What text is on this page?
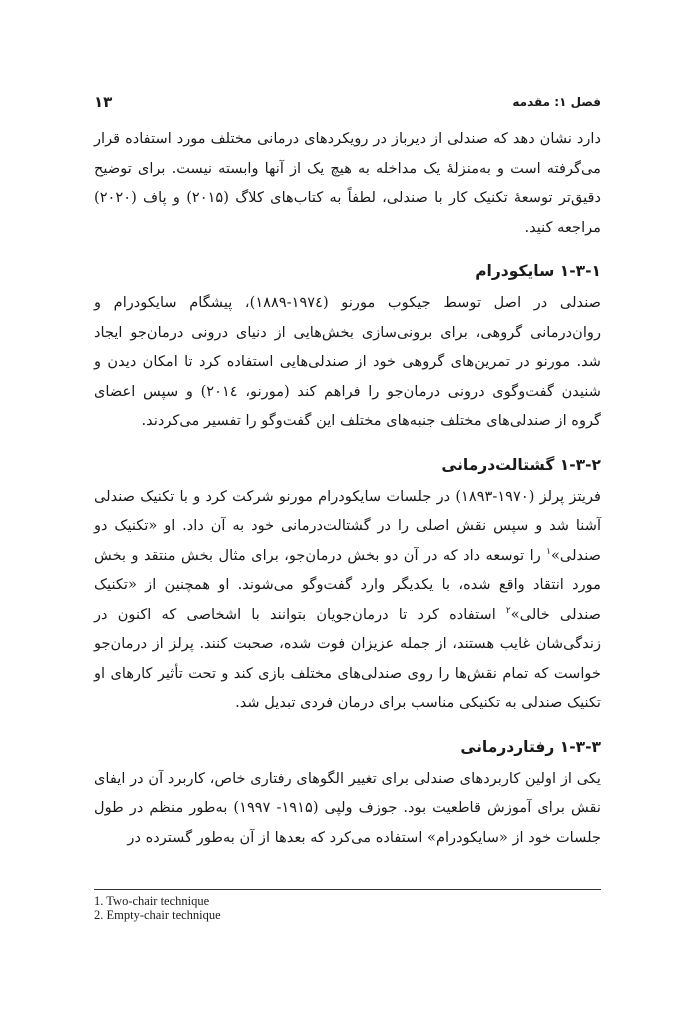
فصل ۱: مقدمه
۱۳

دارد نشان دهد که صندلی از دیرباز در رویکردهای درمانی مختلف مورد استفاده قرار می‌گرفته است و به‌منزلهٔ یک مداخله به هیچ یک از آنها وابسته نیست. برای توضیح دقیق‌تر توسعهٔ تکنیک کار با صندلی، لطفاً به کتاب‌های کلاگ (۲۰۱۵) و پاف (۲۰۲۰) مراجعه کنید.

۱-۳-۱ سایکودرام

صندلی در اصل توسط جیکوب مورنو (۱۹۷٤-۱۸۸۹)، پیشگام سایکودرام و روان‌درمانی گروهی، برای برونی‌سازی بخش‌هایی از دنیای درونی درمان‌جو ایجاد شد. مورنو در تمرین‌های گروهی خود از صندلی‌هایی استفاده کرد تا امکان دیدن و شنیدن گفت‌وگوی درونی درمان‌جو را فراهم کند (مورنو، ۲۰۱٤) و سپس اعضای گروه از صندلی‌های مختلف جنبه‌های مختلف این گفت‌وگو را تفسیر می‌کردند.

۱-۳-۲ گشتالت‌درمانی

فریتز پرلز (۱۹۷۰-۱۸۹۳) در جلسات سایکودرام مورنو شرکت کرد و با تکنیک صندلی آشنا شد و سپس نقش اصلی را در گشتالت‌درمانی خود به آن داد. او «تکنیک دو صندلی»$^۱$ را توسعه داد که در آن دو بخش درمان‌جو، برای مثال بخش منتقد و بخش مورد انتقاد واقع شده، با یکدیگر وارد گفت‌وگو می‌شوند. او همچنین از «تکنیک صندلی خالی»$^۲$ استفاده کرد تا درمان‌جویان بتوانند با اشخاصی که اکنون در زندگی‌شان غایب هستند، از جمله عزیزان فوت شده، صحبت کنند. پرلز از درمان‌جو خواست که تمام نقش‌ها را روی صندلی‌های مختلف بازی کند و تحت تأثیر کارهای او تکنیک صندلی به تکنیکی مناسب برای درمان فردی تبدیل شد.

۱-۳-۳ رفتاردرمانی

یکی از اولین کاربردهای صندلی برای تغییر الگوهای رفتاری خاص، کاربرد آن در ایفای نقش برای آموزش قاطعیت بود. جوزف ولپی (۱۹۱۵- ۱۹۹۷) به‌طور منظم در طول جلسات خود از «سایکودرام» استفاده می‌کرد که بعدها از آن به‌طور گسترده در

1. Two-chair technique
2. Empty-chair technique
